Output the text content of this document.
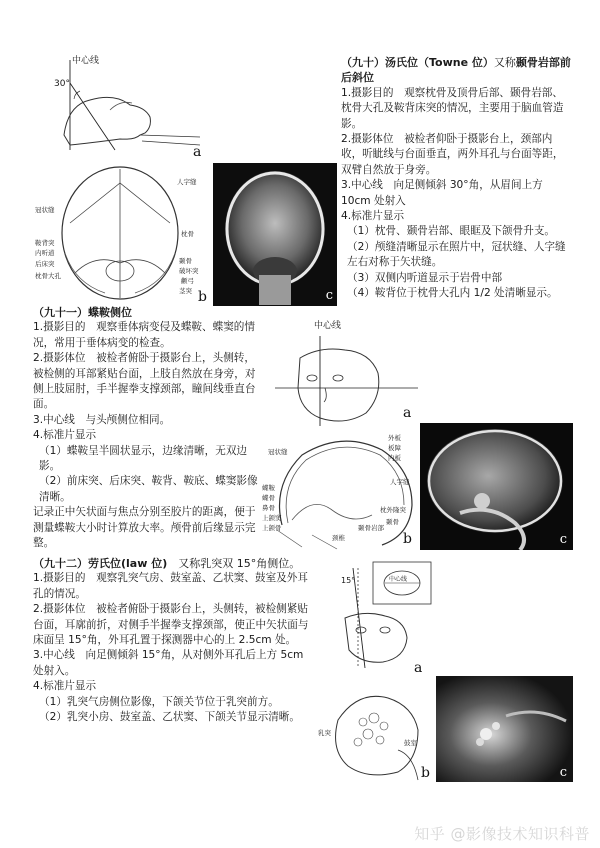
中心线
30°
a
人字缝
枕骨
颞骨
破坏突
颧弓
茎突
冠状缝
鞍背突
内听道
后床突
枕骨大孔
b	c

（九十）汤氏位（Towne 位）又称颞骨岩部前后斜位

1.摄影目的　观察枕骨及顶骨后部、颞骨岩部、枕骨大孔及鞍背床突的情况，主要用于脑血管造影。

2.摄影体位　被检者仰卧于摄影台上，颈部内收，听眦线与台面垂直，两外耳孔与台面等距，双臂自然放于身旁。

3.中心线　向足侧倾斜 30°角，从眉间上方 10cm 处射入

4.标准片显示

（1）枕骨、颞骨岩部、眼眶及下颌骨升支。
（2）颅缝清晰显示在照片中，冠状缝、人字缝左右对称于矢状缝。
（3）双侧内听道显示于岩骨中部
（4）鞍背位于枕骨大孔内 1/2 处清晰显示。

（九十一）蝶鞍侧位

1.摄影目的　观察垂体病变侵及蝶鞍、蝶窦的情况，常用于垂体病变的检查。

2.摄影体位　被检者俯卧于摄影台上，头侧转，被检侧的耳部紧贴台面，上肢自然放在身旁，对侧上肢屈肘，手半握拳支撑颈部，瞳间线垂直台面。

3.中心线　与头颅侧位相同。

4.标准片显示

（1）蝶鞍呈半圆状显示，边缘清晰，无双边影。
（2）前床突、后床突、鞍背、鞍底、蝶窦影像清晰。

记录正中矢状面与焦点分别至胶片的距离，便于测量蝶鞍大小时计算放大率。颅骨前后缘显示完整。

中心线
a
外板
板障
内板
人字缝
枕外隆突
颞骨
冠状缝
蝶鞍
蝶骨
鼻骨
上颌窦
上颌骨
颈椎
颞骨岩部
b	c

（九十二）劳氏位(law 位)　 又称乳突双 15°角侧位。

1.摄影目的　观察乳突气房、鼓室盖、乙状窦、鼓室及外耳孔的情况。

2.摄影体位　被检者俯卧于摄影台上，头侧转，被检侧紧贴台面，耳廓前折，对侧手半握拳支撑颈部，使正中矢状面与床面呈 15°角，外耳孔置于探测器中心的上 2.5cm 处。

3.中心线　向足侧倾斜 15°角，从对侧外耳孔后上方 5cm 处射入。

4.标准片显示

（1）乳突气房侧位影像，下颌关节位于乳突前方。
（2）乳突小房、鼓室盖、乙状窦、下颌关节显示清晰。
15°	中心线
a
乳突
鼓室
b	c
知乎 @影像技术知识科普
